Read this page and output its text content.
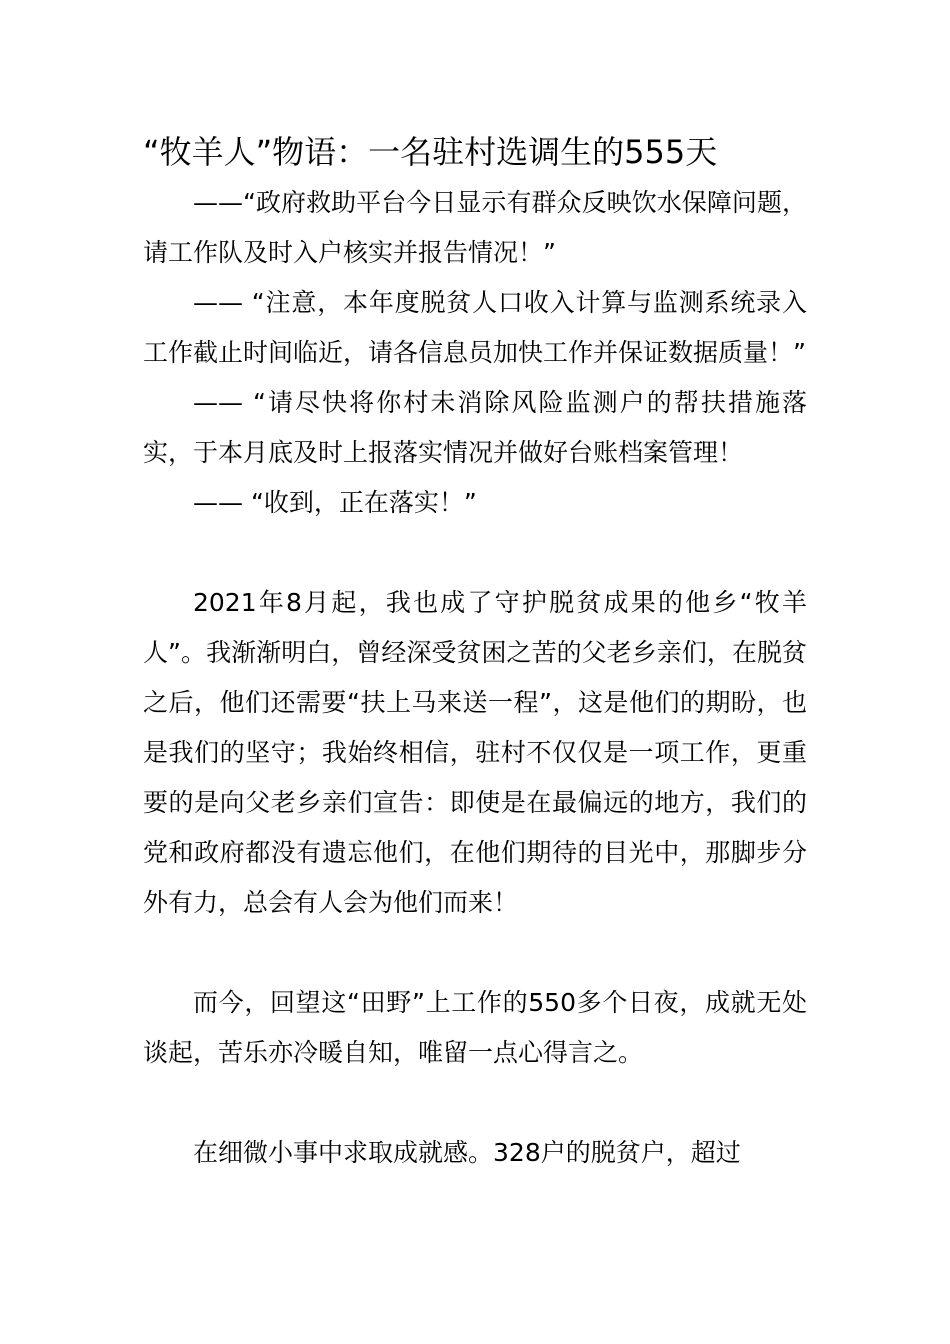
“牧羊人”物语：一名驻村选调生的555天

——“政府救助平台今日显示有群众反映饮水保障问题，请工作队及时入户核实并报告情况！”

—— “注意，本年度脱贫人口收入计算与监测系统录入工作截止时间临近，请各信息员加快工作并保证数据质量！”

—— “请尽快将你村未消除风险监测户的帮扶措施落实，于本月底及时上报落实情况并做好台账档案管理！

—— “收到，正在落实！”

2021年8月起，我也成了守护脱贫成果的他乡“牧羊人”。我渐渐明白，曾经深受贫困之苦的父老乡亲们，在脱贫之后，他们还需要“扶上马来送一程”，这是他们的期盼，也是我们的坚守；我始终相信，驻村不仅仅是一项工作，更重要的是向父老乡亲们宣告：即使是在最偏远的地方，我们的党和政府都没有遗忘他们，在他们期待的目光中，那脚步分外有力，总会有人会为他们而来！

而今，回望这“田野”上工作的550多个日夜，成就无处谈起，苦乐亦冷暖自知，唯留一点心得言之。

在细微小事中求取成就感。328户的脱贫户，超过
